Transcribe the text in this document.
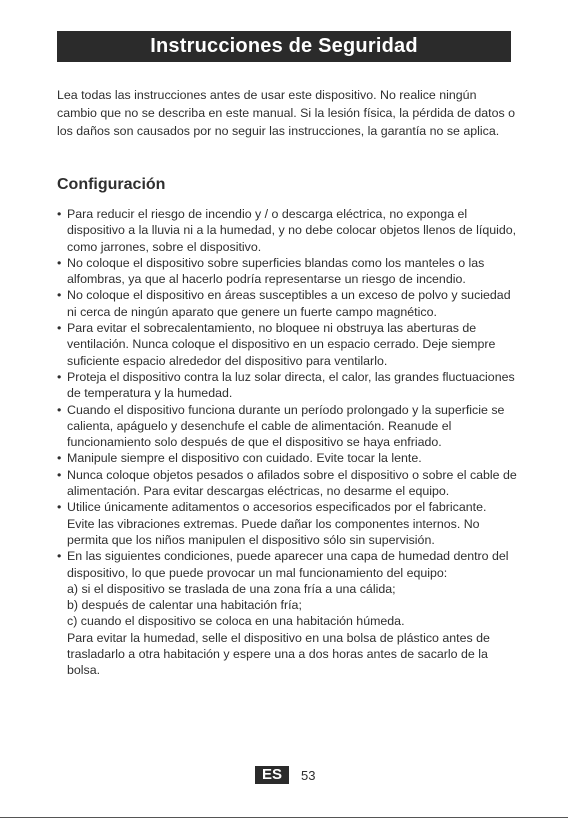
Instrucciones de Seguridad

Lea todas las instrucciones antes de usar este dispositivo. No realice ningún cambio que no se describa en este manual. Si la lesión física, la pérdida de datos o los daños son causados por no seguir las instrucciones, la garantía no se aplica.

Configuración
• Para reducir el riesgo de incendio y / o descarga eléctrica, no exponga el dispositivo a la lluvia ni a la humedad, y no debe colocar objetos llenos de líquido, como jarrones, sobre el dispositivo.
• No coloque el dispositivo sobre superficies blandas como los manteles o las alfombras, ya que al hacerlo podría representarse un riesgo de incendio.
• No coloque el dispositivo en áreas susceptibles a un exceso de polvo y suciedad ni cerca de ningún aparato que genere un fuerte campo magnético.
• Para evitar el sobrecalentamiento, no bloquee ni obstruya las aberturas de ventilación. Nunca coloque el dispositivo en un espacio cerrado. Deje siempre suficiente espacio alrededor del dispositivo para ventilarlo.
• Proteja el dispositivo contra la luz solar directa, el calor, las grandes fluctuaciones de temperatura y la humedad.
• Cuando el dispositivo funciona durante un período prolongado y la superficie se calienta, apáguelo y desenchufe el cable de alimentación. Reanude el funcionamiento solo después de que el dispositivo se haya enfriado.
• Manipule siempre el dispositivo con cuidado. Evite tocar la lente.
• Nunca coloque objetos pesados o afilados sobre el dispositivo o sobre el cable de alimentación. Para evitar descargas eléctricas, no desarme el equipo.
• Utilice únicamente aditamentos o accesorios especificados por el fabricante. Evite las vibraciones extremas. Puede dañar los componentes internos. No permita que los niños manipulen el dispositivo sólo sin supervisión.
• En las siguientes condiciones, puede aparecer una capa de humedad dentro del dispositivo, lo que puede provocar un mal funcionamiento del equipo:
a) si el dispositivo se traslada de una zona fría a una cálida;
b) después de calentar una habitación fría;
c) cuando el dispositivo se coloca en una habitación húmeda.
Para evitar la humedad, selle el dispositivo en una bolsa de plástico antes de trasladarlo a otra habitación y espere una a dos horas antes de sacarlo de la bolsa.
ES	53
